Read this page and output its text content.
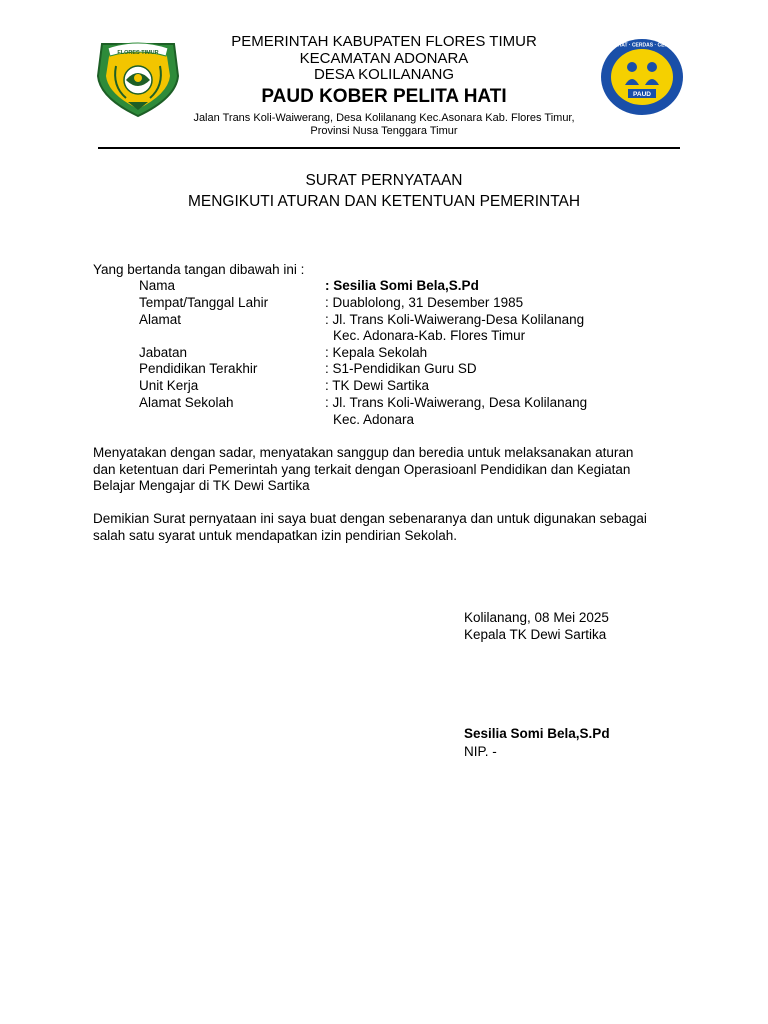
FLORES TIMUR
SEHAT · CERDAS · CERIA
PAUD
PEMERINTAH KABUPATEN FLORES TIMUR
KECAMATAN ADONARA
DESA KOLILANANG
PAUD KOBER PELITA HATI
Jalan Trans Koli-Waiwerang, Desa Kolilanang Kec.Asonara Kab. Flores Timur,
Provinsi Nusa Tenggara Timur
SURAT PERNYATAAN
MENGIKUTI ATURAN DAN KETENTUAN PEMERINTAH
Yang bertanda tangan dibawah ini :
Nama	: Sesilia Somi Bela,S.Pd
Tempat/Tanggal Lahir	: Duablolong, 31 Desember 1985
Alamat	: Jl. Trans Koli-Waiwerang-Desa Kolilanang
Kec. Adonara-Kab. Flores Timur
Jabatan	: Kepala Sekolah
Pendidikan Terakhir	: S1-Pendidikan Guru SD
Unit Kerja	: TK Dewi Sartika
Alamat Sekolah	: Jl. Trans Koli-Waiwerang, Desa Kolilanang
Kec. Adonara
Menyatakan dengan sadar, menyatakan sanggup dan beredia untuk melaksanakan aturan
dan ketentuan dari Pemerintah yang terkait dengan Operasioanl Pendidikan dan Kegiatan
Belajar Mengajar di TK Dewi Sartika
Demikian Surat pernyataan ini saya buat dengan sebenaranya dan untuk digunakan sebagai
salah satu syarat untuk mendapatkan izin pendirian Sekolah.
Kolilanang, 08 Mei 2025
Kepala TK Dewi Sartika
Sesilia Somi Bela,S.Pd
NIP. -
